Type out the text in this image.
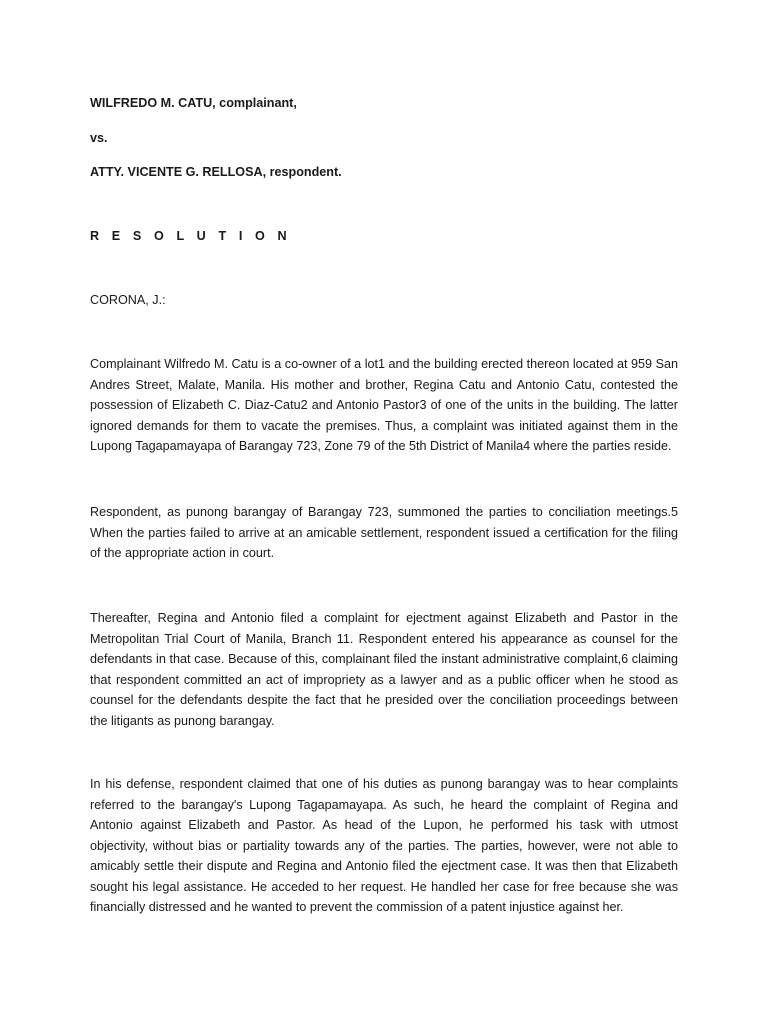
WILFREDO M. CATU, complainant,

vs.

ATTY. VICENTE G. RELLOSA, respondent.

R E S O L U T I O N

CORONA, J.:

Complainant Wilfredo M. Catu is a co-owner of a lot1 and the building erected thereon located at 959 San Andres Street, Malate, Manila. His mother and brother, Regina Catu and Antonio Catu, contested the possession of Elizabeth C. Diaz-Catu2 and Antonio Pastor3 of one of the units in the building. The latter ignored demands for them to vacate the premises. Thus, a complaint was initiated against them in the Lupong Tagapamayapa of Barangay 723, Zone 79 of the 5th District of Manila4 where the parties reside.

Respondent, as punong barangay of Barangay 723, summoned the parties to conciliation meetings.5 When the parties failed to arrive at an amicable settlement, respondent issued a certification for the filing of the appropriate action in court.

Thereafter, Regina and Antonio filed a complaint for ejectment against Elizabeth and Pastor in the Metropolitan Trial Court of Manila, Branch 11. Respondent entered his appearance as counsel for the defendants in that case. Because of this, complainant filed the instant administrative complaint,6 claiming that respondent committed an act of impropriety as a lawyer and as a public officer when he stood as counsel for the defendants despite the fact that he presided over the conciliation proceedings between the litigants as punong barangay.

In his defense, respondent claimed that one of his duties as punong barangay was to hear complaints referred to the barangay's Lupong Tagapamayapa. As such, he heard the complaint of Regina and Antonio against Elizabeth and Pastor. As head of the Lupon, he performed his task with utmost objectivity, without bias or partiality towards any of the parties. The parties, however, were not able to amicably settle their dispute and Regina and Antonio filed the ejectment case. It was then that Elizabeth sought his legal assistance. He acceded to her request. He handled her case for free because she was financially distressed and he wanted to prevent the commission of a patent injustice against her.
